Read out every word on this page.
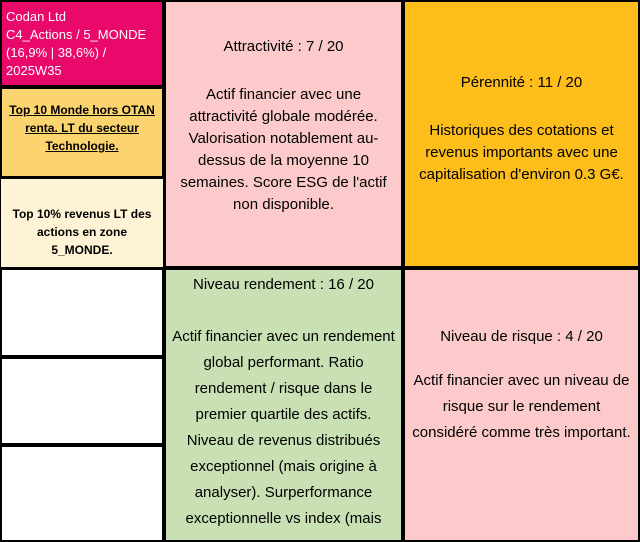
Codan Ltd
C4_Actions / 5_MONDE
(16,9% | 38,6%) / 2025W35
Top 10 Monde hors OTAN renta. LT du secteur Technologie.
Top 10% revenus LT des actions en zone 5_MONDE.

Attractivité : 7 / 20

Actif financier avec une attractivité globale modérée. Valorisation notablement au-dessus de la moyenne 10 semaines. Score ESG de l'actif non disponible.

Pérennité : 11 / 20

Historiques des cotations et revenus importants avec une capitalisation d'environ 0.3 G€.

Niveau rendement : 16 / 20

Actif financier avec un rendement global performant. Ratio rendement / risque dans le premier quartile des actifs. Niveau de revenus distribués exceptionnel (mais origine à analyser). Surperformance exceptionnelle vs index (mais

Niveau de risque : 4 / 20

Actif financier avec un niveau de risque sur le rendement considéré comme très important.
